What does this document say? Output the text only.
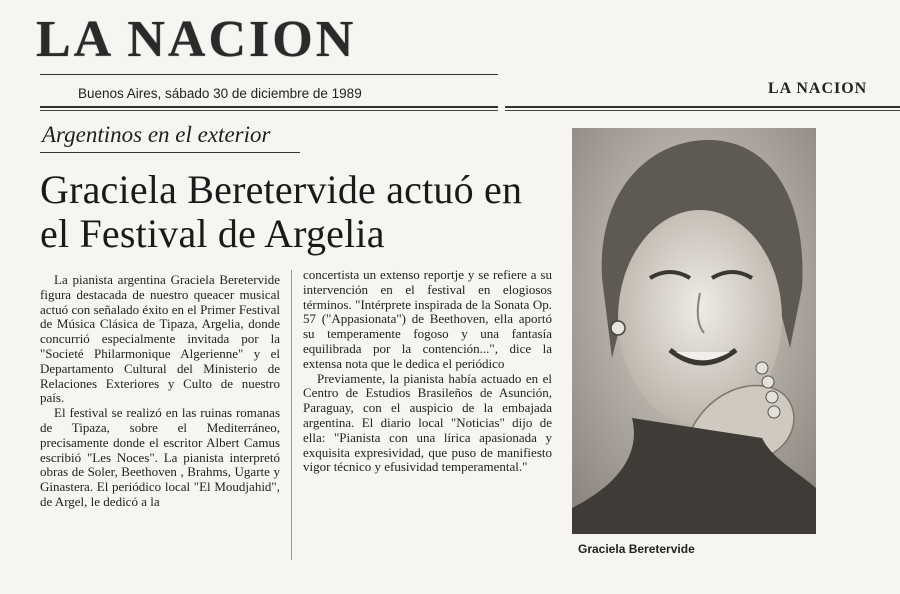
LA NACION
Buenos Aires, sábado 30 de diciembre de 1989	LA NACION
Argentinos en el exterior
Graciela Beretervide actuó en el Festival de Argelia

La pianista argentina Graciela Beretervide figura destacada de nuestro queacer musical actuó con señalado éxito en el Primer Festival de Música Clásica de Tipaza, Argelia, donde concurrió especialmente invitada por la "Societé Philarmonique Algerienne" y el Departamento Cultural del Ministerio de Relaciones Exteriores y Culto de nuestro país.

El festival se realizó en las ruinas romanas de Tipaza, sobre el Mediterráneo, precisamente donde el escritor Albert Camus escribió "Les Noces". La pianista interpretó obras de Soler, Beethoven , Brahms, Ugarte y Ginastera. El periódico local "El Moudjahid", de Argel, le dedicó a la

concertista un extenso reportje y se refiere a su intervención en el festival en elogiosos términos. "Intérprete inspirada de la Sonata Op. 57 ("Appasionata") de Beethoven, ella aportó su temperamente fogoso y una fantasía equilibrada por la contención...", dice la extensa nota que le dedica el periódico

Previamente, la pianista había actuado en el Centro de Estudios Brasileños de Asunción, Paraguay, con el auspicio de la embajada argentina. El diario local "Noticias" dijo de ella: "Pianista con una lírica apasionada y exquisita expresividad, que puso de manifiesto vigor técnico y efusividad temperamental."

Graciela Beretervide
